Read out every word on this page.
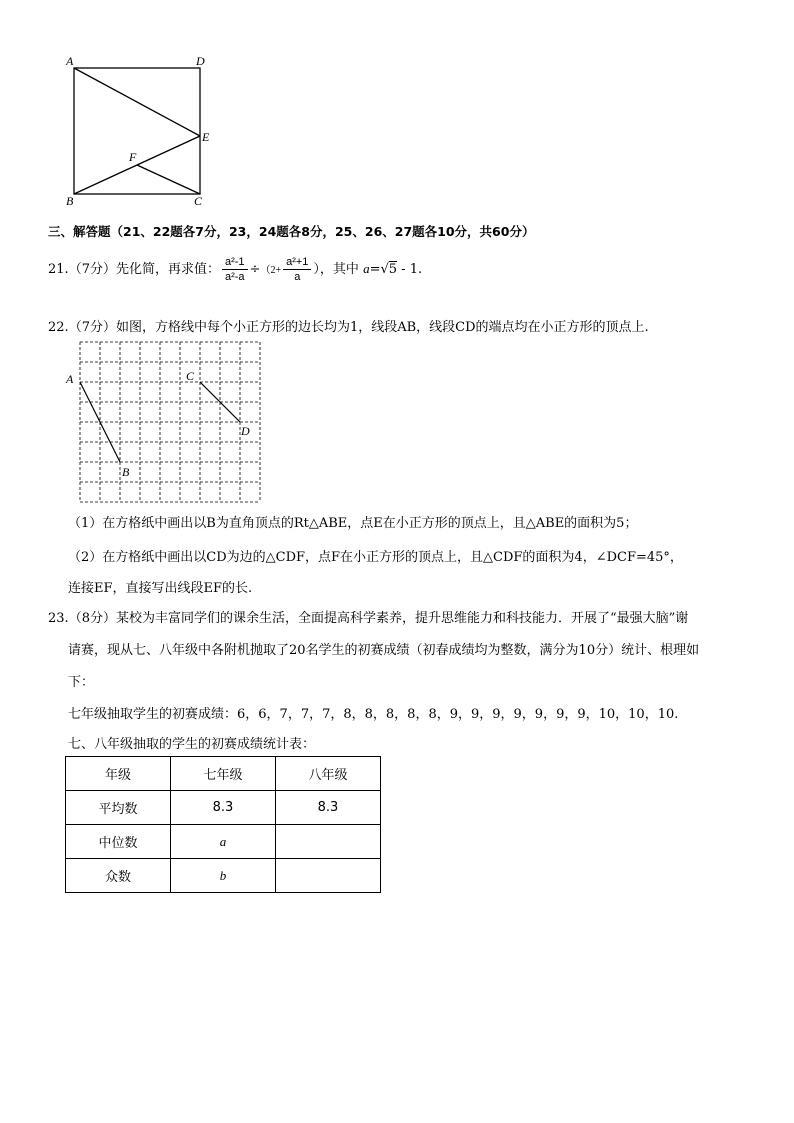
A	D
E
F
B	C
三、解答题（21、22题各7分，23，24题各8分，25、26、27题各10分，共60分）
21.（7分）先化简，再求值： $\frac{\text{a²-1}}{\text{a²-a}} \div(2+ \frac{\text{a²+1}}{a}$ ），其中 a=√5 - 1.
22.（7分）如图，方格线中每个小正方形的边长均为1，线段AB，线段CD的端点均在小正方形的顶点上.
A
B
C
D
（1）在方格纸中画出以B为直角顶点的Rt△ABE，点E在小正方形的顶点上，且△ABE的面积为5；
（2）在方格纸中画出以CD为边的△CDF，点F在小正方形的顶点上，且△CDF的面积为4，∠DCF=45°，
连接EF，直接写出线段EF的长.
23.（8分）某校为丰富同学们的课余生活，全面提高科学素养，提升思维能力和科技能力．开展了“最强大脑”谢
请赛，现从七、八年级中各附机抛取了20名学生的初赛成绩（初春成绩均为整数，满分为10分）统计、根理如
下：
七年级抽取学生的初赛成绩：6，6，7，7，7，8，8，8，8，8，9，9，9，9，9，9，9，10，10，10.
七、八年级抽取的学生的初赛成绩统计表：
年级	七年级	八年级
平均数	8.3	8.3
中位数	a	
众数	b	
